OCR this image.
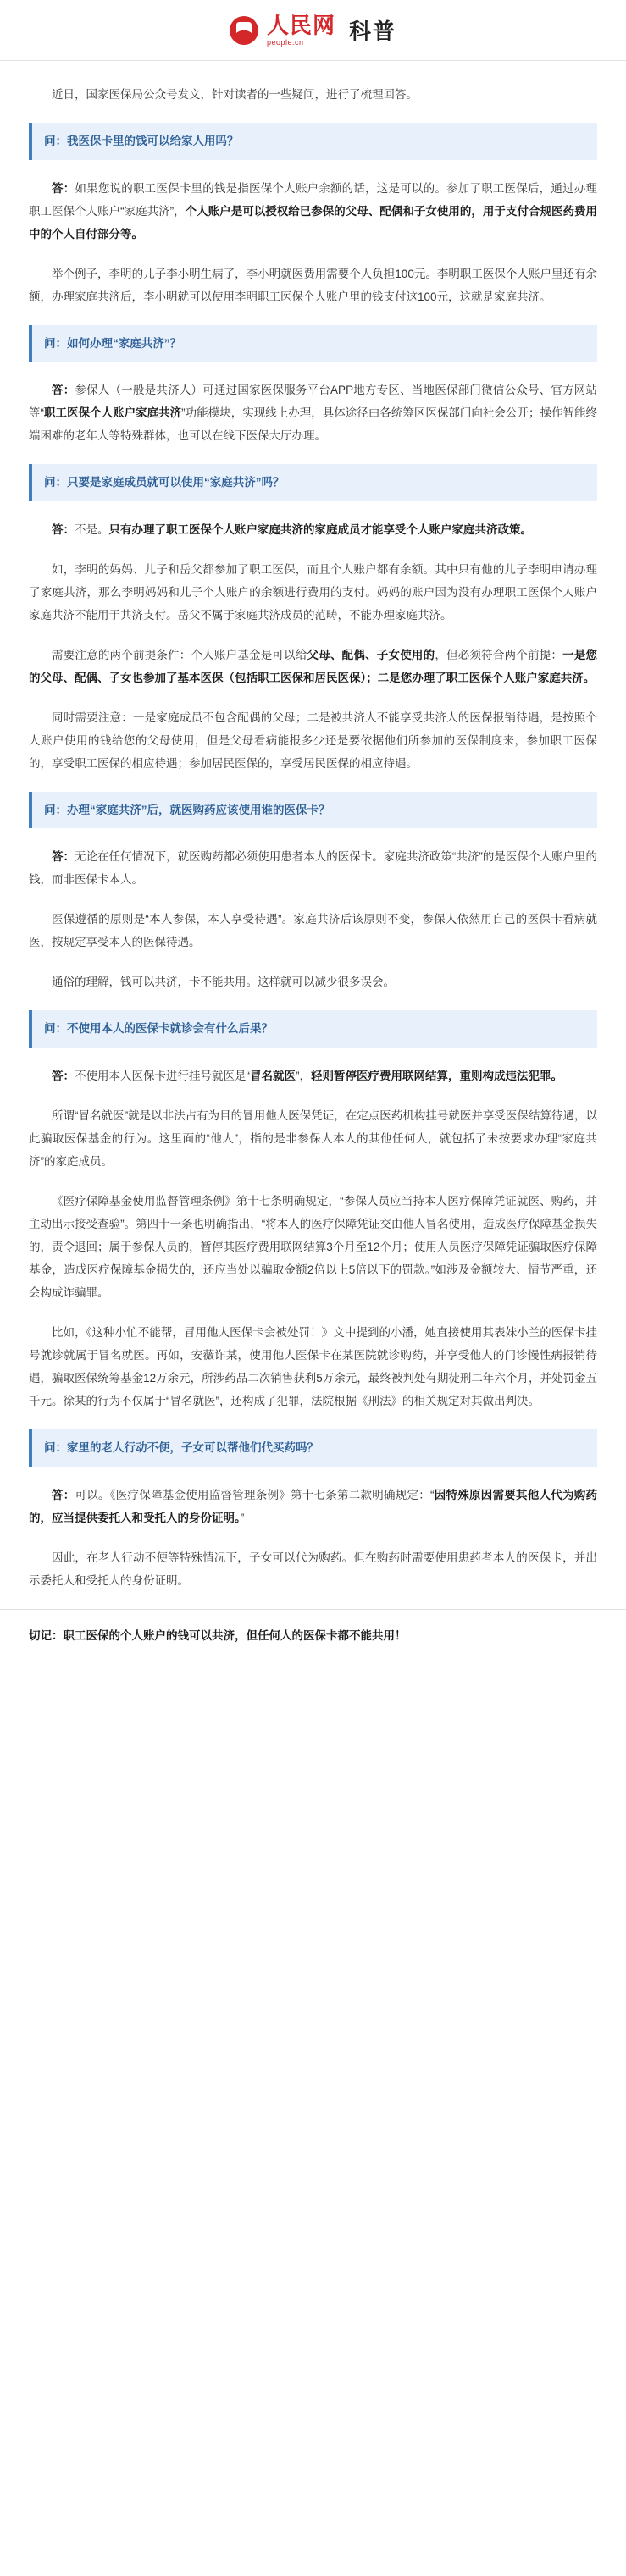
人民网
people.cn	科普

近日，国家医保局公众号发文，针对读者的一些疑问，进行了梳理回答。

问：我医保卡里的钱可以给家人用吗？

答：如果您说的职工医保卡里的钱是指医保个人账户余额的话，这是可以的。参加了职工医保后，通过办理职工医保个人账户“家庭共济”，个人账户是可以授权给已参保的父母、配偶和子女使用的，用于支付合规医药费用中的个人自付部分等。

举个例子，李明的儿子李小明生病了，李小明就医费用需要个人负担100元。李明职工医保个人账户里还有余额，办理家庭共济后，李小明就可以使用李明职工医保个人账户里的钱支付这100元，这就是家庭共济。

问：如何办理“家庭共济”？

答：参保人（一般是共济人）可通过国家医保服务平台APP地方专区、当地医保部门微信公众号、官方网站等“职工医保个人账户家庭共济”功能模块，实现线上办理，具体途径由各统筹区医保部门向社会公开；操作智能终端困难的老年人等特殊群体，也可以在线下医保大厅办理。

问：只要是家庭成员就可以使用“家庭共济”吗？

答：不是。只有办理了职工医保个人账户家庭共济的家庭成员才能享受个人账户家庭共济政策。

如，李明的妈妈、儿子和岳父都参加了职工医保，而且个人账户都有余额。其中只有他的儿子李明申请办理了家庭共济，那么李明妈妈和儿子个人账户的余额进行费用的支付。妈妈的账户因为没有办理职工医保个人账户家庭共济不能用于共济支付。岳父不属于家庭共济成员的范畴，不能办理家庭共济。

需要注意的两个前提条件：个人账户基金是可以给父母、配偶、子女使用的，但必须符合两个前提：一是您的父母、配偶、子女也参加了基本医保（包括职工医保和居民医保）；二是您办理了职工医保个人账户家庭共济。

同时需要注意：一是家庭成员不包含配偶的父母；二是被共济人不能享受共济人的医保报销待遇，是按照个人账户使用的钱给您的父母使用，但是父母看病能报多少还是要依据他们所参加的医保制度来，参加职工医保的，享受职工医保的相应待遇；参加居民医保的，享受居民医保的相应待遇。

问：办理“家庭共济”后，就医购药应该使用谁的医保卡？

答：无论在任何情况下，就医购药都必须使用患者本人的医保卡。家庭共济政策“共济”的是医保个人账户里的钱，而非医保卡本人。

医保遵循的原则是“本人参保，本人享受待遇”。家庭共济后该原则不变，参保人依然用自己的医保卡看病就医，按规定享受本人的医保待遇。

通俗的理解，钱可以共济，卡不能共用。这样就可以减少很多误会。

问：不使用本人的医保卡就诊会有什么后果？

答：不使用本人医保卡进行挂号就医是“冒名就医”，轻则暂停医疗费用联网结算，重则构成违法犯罪。

所谓“冒名就医”就是以非法占有为目的冒用他人医保凭证，在定点医药机构挂号就医并享受医保结算待遇，以此骗取医保基金的行为。这里面的“他人”，指的是非参保人本人的其他任何人，就包括了未按要求办理“家庭共济”的家庭成员。

《医疗保障基金使用监督管理条例》第十七条明确规定，“参保人员应当持本人医疗保障凭证就医、购药，并主动出示接受查验”。第四十一条也明确指出，“将本人的医疗保障凭证交由他人冒名使用，造成医疗保障基金损失的，责令退回；属于参保人员的，暂停其医疗费用联网结算3个月至12个月；使用人员医疗保障凭证骗取医疗保障基金，造成医疗保障基金损失的，还应当处以骗取金额2倍以上5倍以下的罚款。”如涉及金额较大、情节严重，还会构成诈骗罪。

比如，《这种小忙不能帮，冒用他人医保卡会被处罚！》文中提到的小潘，她直接使用其表妹小兰的医保卡挂号就诊就属于冒名就医。再如，安薇诈某，使用他人医保卡在某医院就诊购药，并享受他人的门诊慢性病报销待遇，骗取医保统筹基金12万余元，所涉药品二次销售获利5万余元，最终被判处有期徒刑二年六个月，并处罚金五千元。徐某的行为不仅属于“冒名就医”，还构成了犯罪，法院根据《刑法》的相关规定对其做出判决。

问：家里的老人行动不便，子女可以帮他们代买药吗？

答：可以。《医疗保障基金使用监督管理条例》第十七条第二款明确规定：“因特殊原因需要其他人代为购药的，应当提供委托人和受托人的身份证明。”

因此，在老人行动不便等特殊情况下，子女可以代为购药。但在购药时需要使用患药者本人的医保卡，并出示委托人和受托人的身份证明。

切记：职工医保的个人账户的钱可以共济，但任何人的医保卡都不能共用！
